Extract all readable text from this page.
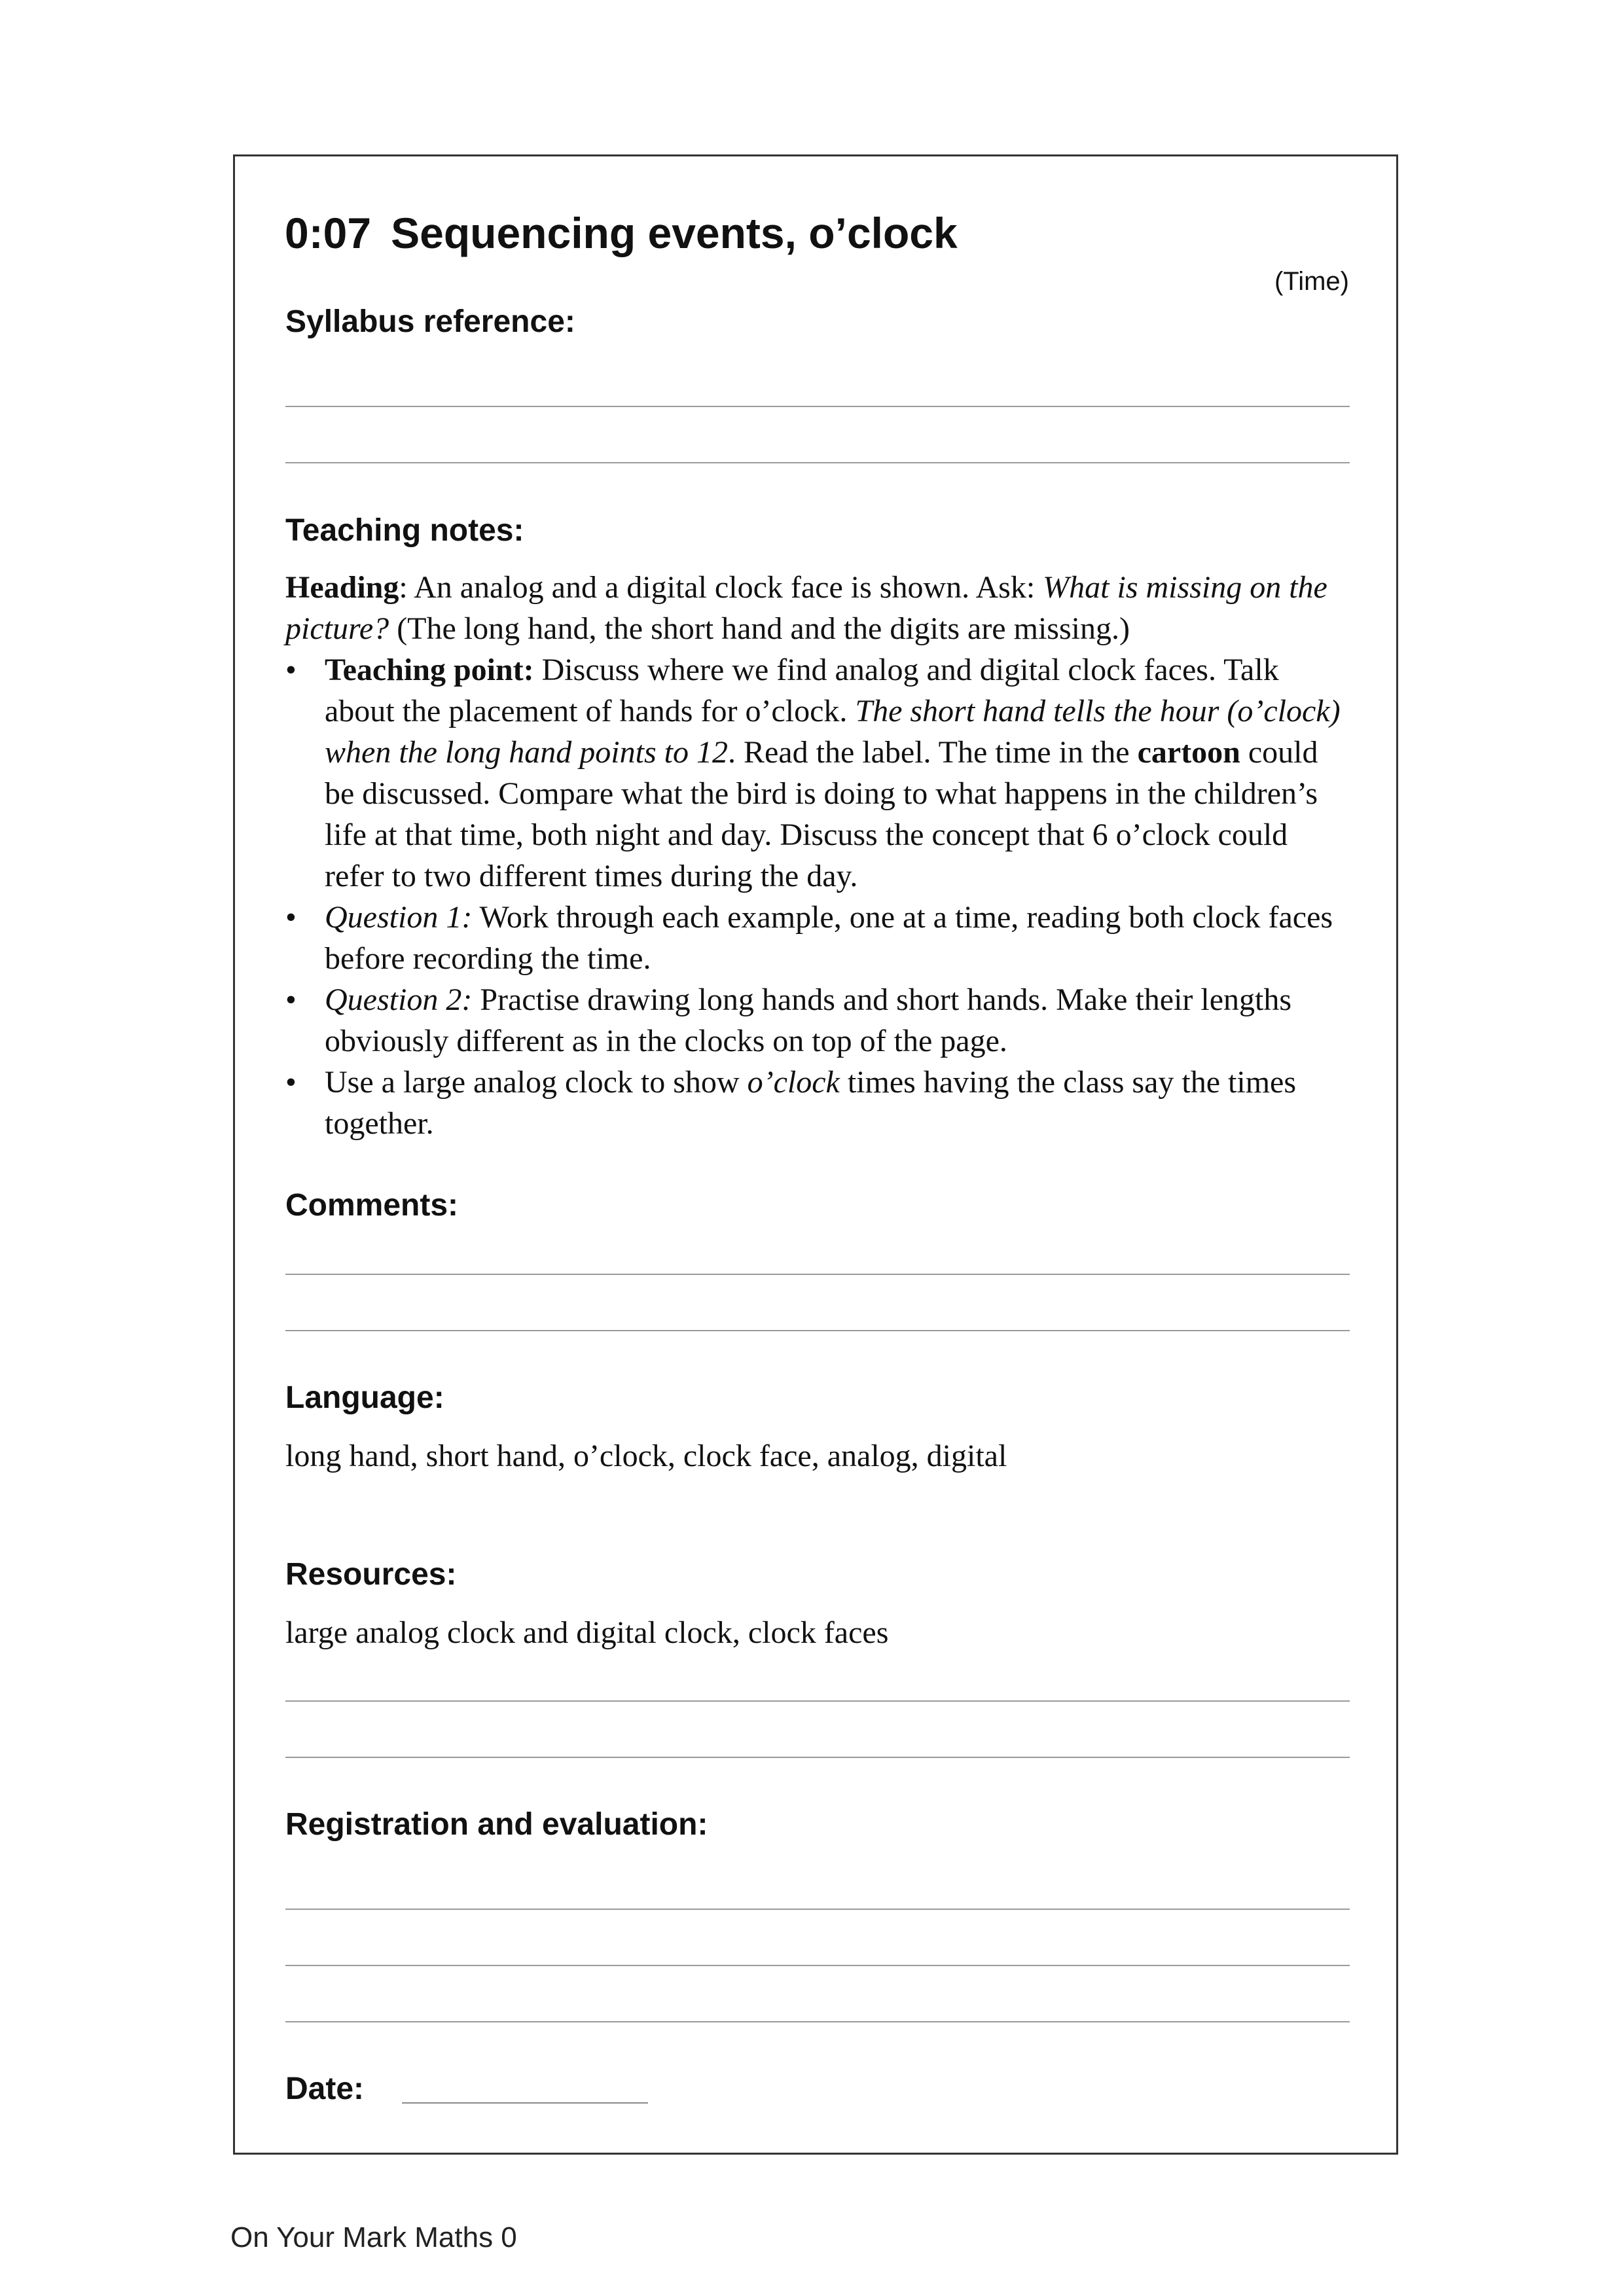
0:07 Sequencing events, o’clock
(Time)
Syllabus reference:
Teaching notes:

Heading: An analog and a digital clock face is shown. Ask: What is missing on the picture? (The long hand, the short hand and the digits are missing.)

• Teaching point: Discuss where we find analog and digital clock faces. Talk about the placement of hands for o’clock. The short hand tells the hour (o’clock) when the long hand points to 12. Read the label. The time in the cartoon could be discussed. Compare what the bird is doing to what happens in the children’s life at that time, both night and day. Discuss the concept that 6 o’clock could refer to two different times during the day.
• Question 1: Work through each example, one at a time, reading both clock faces before recording the time.
• Question 2: Practise drawing long hands and short hands. Make their lengths obviously different as in the clocks on top of the page.
• Use a large analog clock to show o’clock times having the class say the times together.
Comments:
Language:
long hand, short hand, o’clock, clock face, analog, digital
Resources:
large analog clock and digital clock, clock faces
Registration and evaluation:
Date:
On Your Mark Maths 0
